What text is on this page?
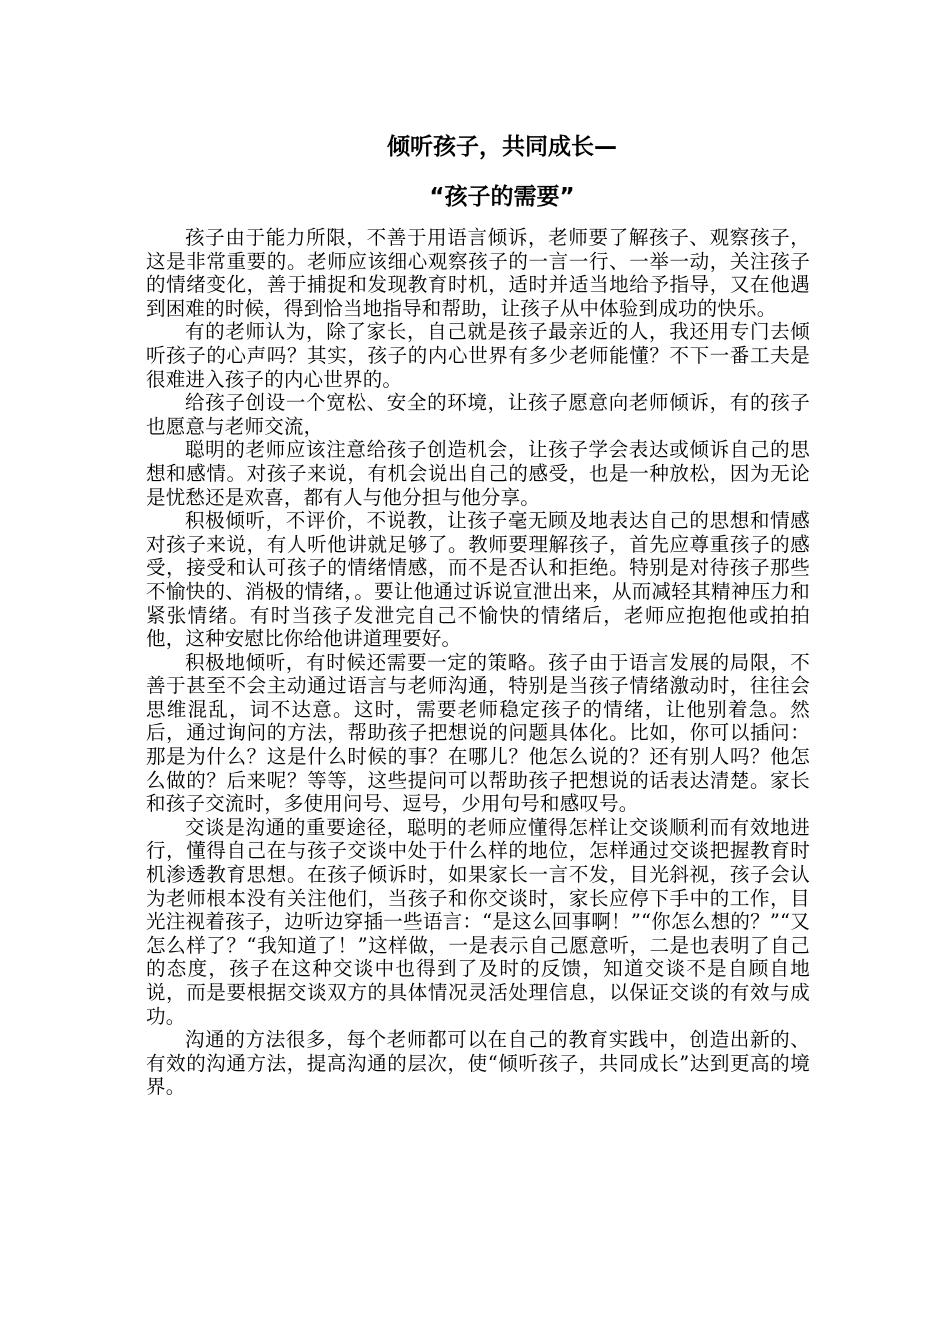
倾听孩子，共同成长—
“孩子的需要”

孩子由于能力所限，不善于用语言倾诉，老师要了解孩子、观察孩子，这是非常重要的。老师应该细心观察孩子的一言一行、一举一动，关注孩子的情绪变化，善于捕捉和发现教育时机，适时并适当地给予指导，又在他遇到困难的时候，得到恰当地指导和帮助，让孩子从中体验到成功的快乐。

有的老师认为，除了家长，自己就是孩子最亲近的人，我还用专门去倾听孩子的心声吗？其实，孩子的内心世界有多少老师能懂？不下一番工夫是很难进入孩子的内心世界的。

给孩子创设一个宽松、安全的环境，让孩子愿意向老师倾诉，有的孩子也愿意与老师交流，

聪明的老师应该注意给孩子创造机会，让孩子学会表达或倾诉自己的思想和感情。对孩子来说，有机会说出自己的感受，也是一种放松，因为无论是忧愁还是欢喜，都有人与他分担与他分享。

积极倾听，不评价，不说教，让孩子毫无顾及地表达自己的思想和情感对孩子来说，有人听他讲就足够了。教师要理解孩子，首先应尊重孩子的感受，接受和认可孩子的情绪情感，而不是否认和拒绝。特别是对待孩子那些不愉快的、消极的情绪，。要让他通过诉说宣泄出来，从而减轻其精神压力和紧张情绪。有时当孩子发泄完自己不愉快的情绪后，老师应抱抱他或拍拍他，这种安慰比你给他讲道理要好。

积极地倾听，有时候还需要一定的策略。孩子由于语言发展的局限，不善于甚至不会主动通过语言与老师沟通，特别是当孩子情绪激动时，往往会思维混乱，词不达意。这时，需要老师稳定孩子的情绪，让他别着急。然后，通过询问的方法，帮助孩子把想说的问题具体化。比如，你可以插问：那是为什么？这是什么时候的事？在哪儿？他怎么说的？还有别人吗？他怎么做的？后来呢？等等，这些提问可以帮助孩子把想说的话表达清楚。家长和孩子交流时，多使用问号、逗号，少用句号和感叹号。

交谈是沟通的重要途径，聪明的老师应懂得怎样让交谈顺利而有效地进行，懂得自己在与孩子交谈中处于什么样的地位，怎样通过交谈把握教育时机渗透教育思想。在孩子倾诉时，如果家长一言不发，目光斜视，孩子会认为老师根本没有关注他们，当孩子和你交谈时，家长应停下手中的工作，目光注视着孩子，边听边穿插一些语言：“是这么回事啊！”“你怎么想的？”“又怎么样了？“我知道了！”这样做，一是表示自己愿意听，二是也表明了自己的态度，孩子在这种交谈中也得到了及时的反馈，知道交谈不是自顾自地说，而是要根据交谈双方的具体情况灵活处理信息，以保证交谈的有效与成功。

沟通的方法很多，每个老师都可以在自己的教育实践中，创造出新的、有效的沟通方法，提高沟通的层次，使“倾听孩子，共同成长”达到更高的境界。
